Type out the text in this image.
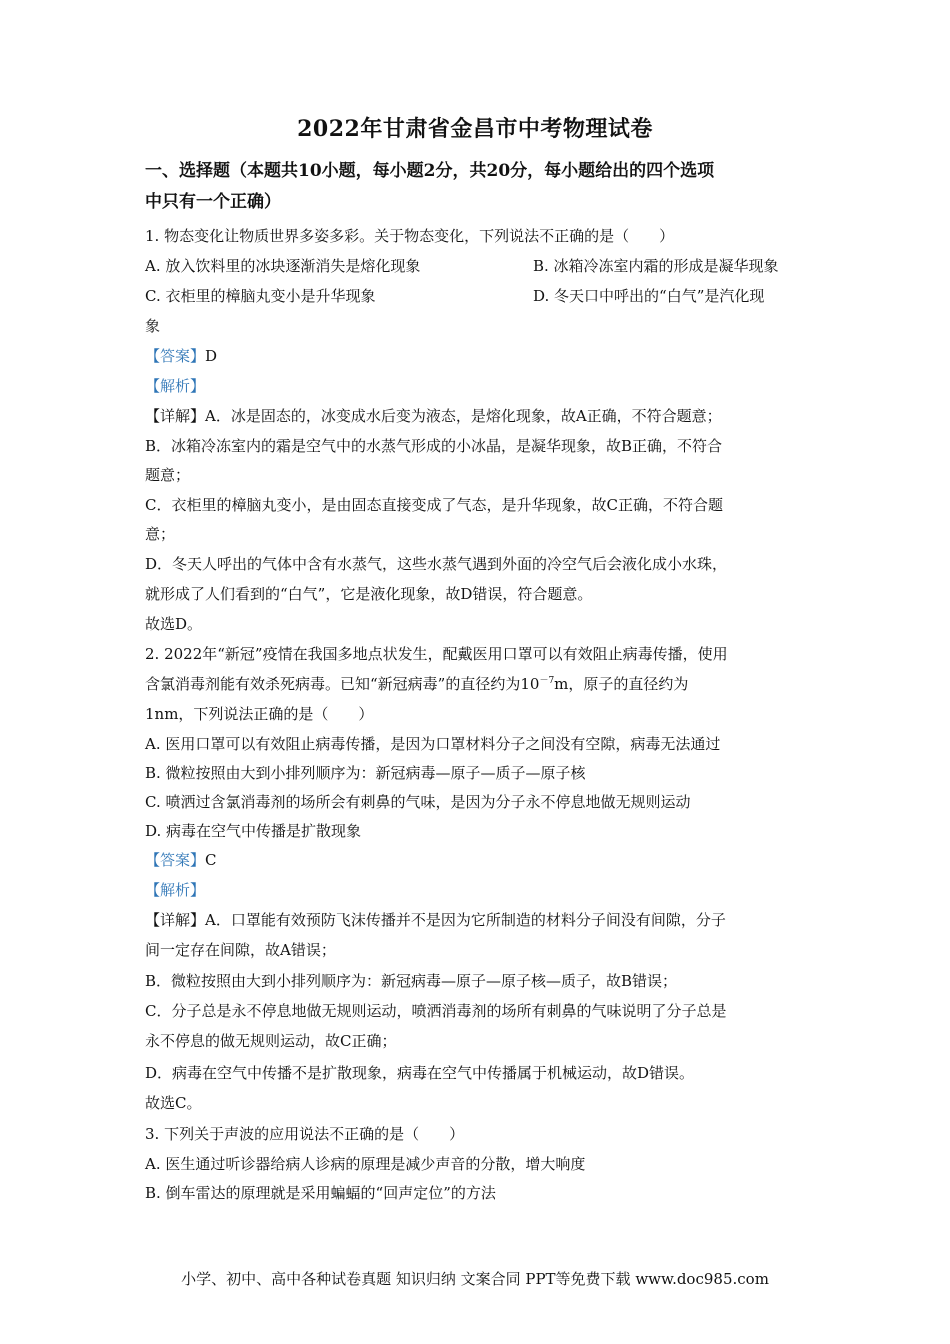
2022年甘肃省金昌市中考物理试卷
一、选择题（本题共10小题，每小题2分，共20分，每小题给出的四个选项
中只有一个正确）
1. 物态变化让物质世界多姿多彩。关于物态变化，下列说法不正确的是（　　）
A. 放入饮料里的冰块逐渐消失是熔化现象	B. 冰箱冷冻室内霜的形成是凝华现象
C. 衣柜里的樟脑丸变小是升华现象	D. 冬天口中呼出的“白气”是汽化现
象
【答案】D
【解析】
【详解】A．冰是固态的，冰变成水后变为液态，是熔化现象，故A正确，不符合题意；
B．冰箱冷冻室内的霜是空气中的水蒸气形成的小冰晶，是凝华现象，故B正确，不符合
题意；
C．衣柜里的樟脑丸变小，是由固态直接变成了气态，是升华现象，故C正确，不符合题
意；
D．冬天人呼出的气体中含有水蒸气，这些水蒸气遇到外面的冷空气后会液化成小水珠，
就形成了人们看到的“白气”，它是液化现象，故D错误，符合题意。
故选D。
2. 2022年“新冠”疫情在我国多地点状发生，配戴医用口罩可以有效阻止病毒传播，使用
含氯消毒剂能有效杀死病毒。已知“新冠病毒”的直径约为$10^{-7}m$，原子的直径约为
1nm，下列说法正确的是（　　）
A. 医用口罩可以有效阻止病毒传播，是因为口罩材料分子之间没有空隙，病毒无法通过
B. 微粒按照由大到小排列顺序为：新冠病毒—原子—质子—原子核
C. 喷洒过含氯消毒剂的场所会有刺鼻的气味，是因为分子永不停息地做无规则运动
D. 病毒在空气中传播是扩散现象
【答案】C
【解析】
【详解】A．口罩能有效预防飞沫传播并不是因为它所制造的材料分子间没有间隙，分子
间一定存在间隙，故A错误；
B．微粒按照由大到小排列顺序为：新冠病毒—原子—原子核—质子，故B错误；
C．分子总是永不停息地做无规则运动，喷洒消毒剂的场所有刺鼻的气味说明了分子总是
永不停息的做无规则运动，故C正确；
D．病毒在空气中传播不是扩散现象，病毒在空气中传播属于机械运动，故D错误。
故选C。
3. 下列关于声波的应用说法不正确的是（　　）
A. 医生通过听诊器给病人诊病的原理是减少声音的分散，增大响度
B. 倒车雷达的原理就是采用蝙蝠的“回声定位”的方法
小学、初中、高中各种试卷真题 知识归纳 文案合同 PPT等免费下载 www.doc985.com
